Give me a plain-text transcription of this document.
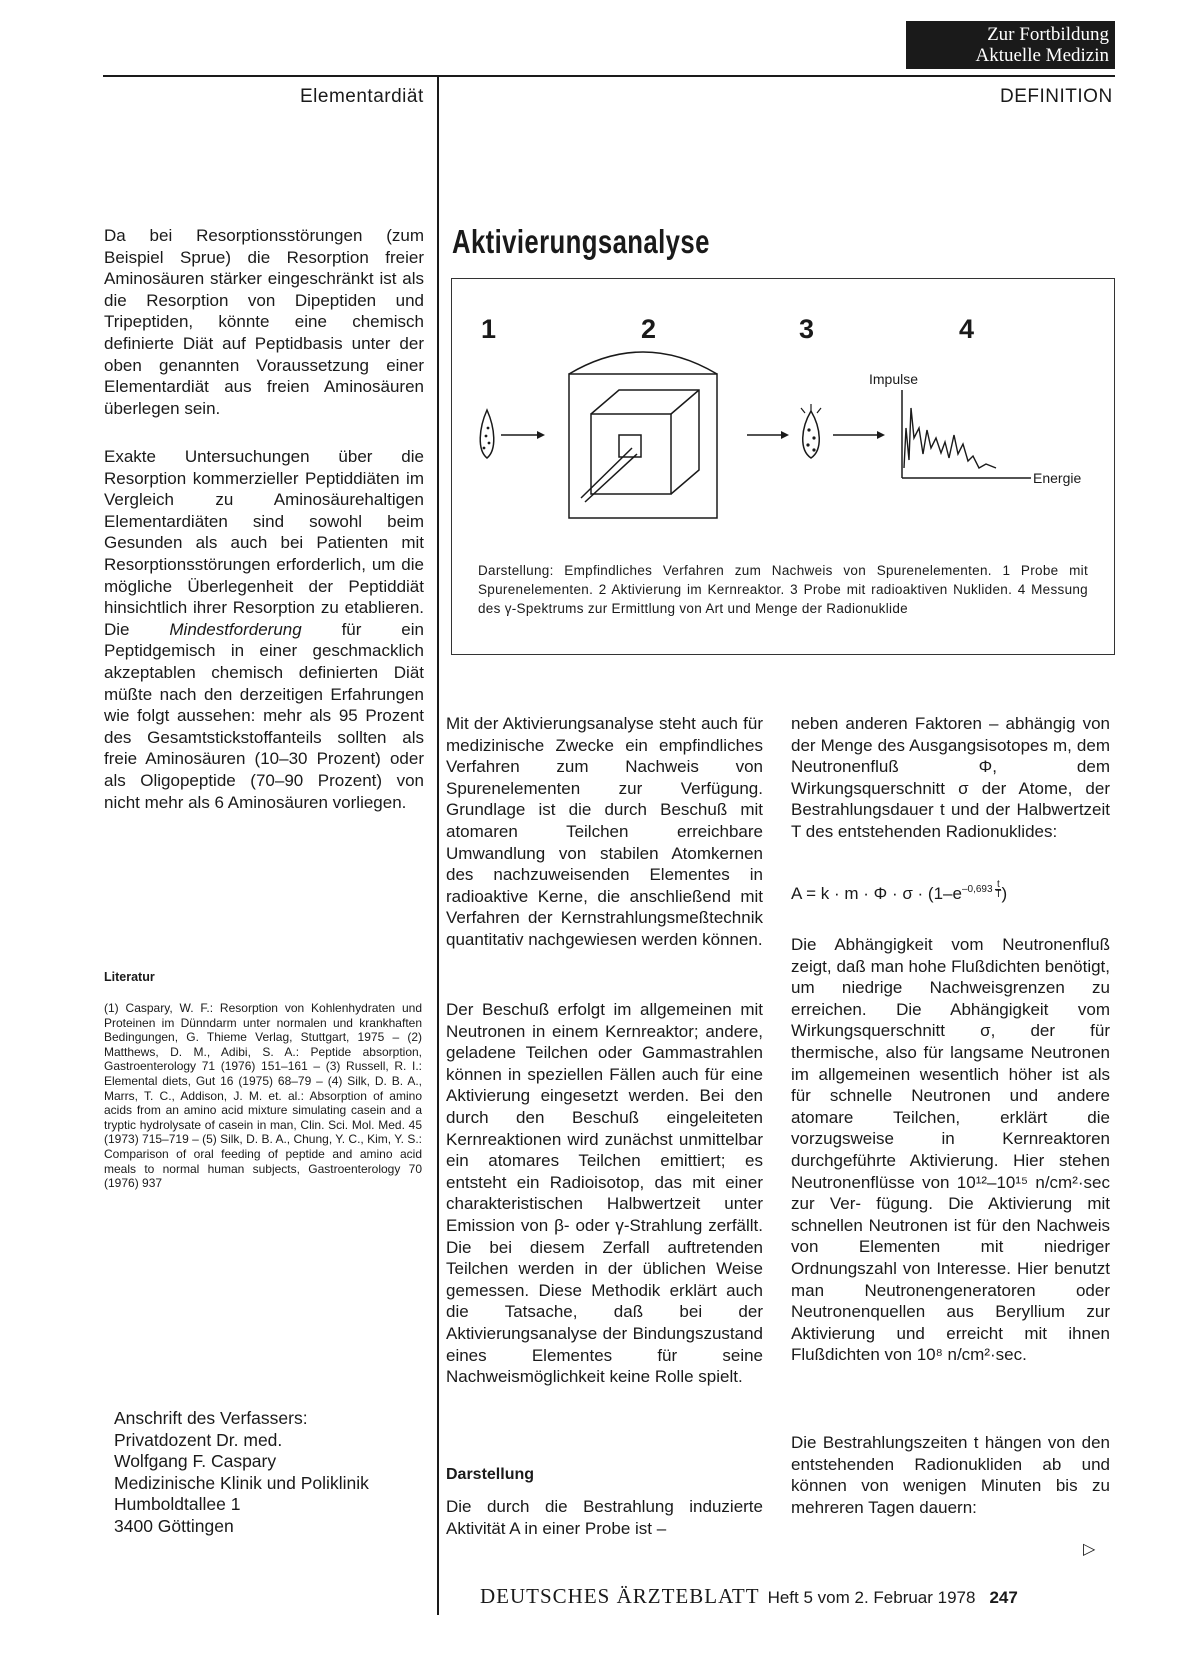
Zur Fortbildung
Aktuelle Medizin
Elementardiät	DEFINITION

Da bei Resorptionsstörungen (zum Beispiel Sprue) die Resorption freier Aminosäuren stärker eingeschränkt ist als die Resorption von Dipeptiden und Tripeptiden, könnte eine chemisch definierte Diät auf Peptidbasis unter der oben genannten Voraussetzung einer Elementardiät aus freien Aminosäuren überlegen sein.

Exakte Untersuchungen über die Resorption kommerzieller Peptiddiäten im Vergleich zu Aminosäurehaltigen Elementardiäten sind sowohl beim Gesunden als auch bei Patienten mit Resorptionsstörungen erforderlich, um die mögliche Überlegenheit der Peptiddiät hinsichtlich ihrer Resorption zu etablieren. Die Mindestforderung für ein Peptidgemisch in einer geschmacklich akzeptablen chemisch definierten Diät müßte nach den derzeitigen Erfahrungen wie folgt aussehen: mehr als 95 Prozent des Gesamtstickstoffanteils sollten als freie Aminosäuren (10–30 Prozent) oder als Oligopeptide (70–90 Prozent) von nicht mehr als 6 Aminosäuren vorliegen.

Literatur
(1) Caspary, W. F.: Resorption von Kohlenhydraten und Proteinen im Dünndarm unter normalen und krankhaften Bedingungen, G. Thieme Verlag, Stuttgart, 1975 – (2) Matthews, D. M., Adibi, S. A.: Peptide absorption, Gastroenterology 71 (1976) 151–161 – (3) Russell, R. I.: Elemental diets, Gut 16 (1975) 68–79 – (4) Silk, D. B. A., Marrs, T. C., Addison, J. M. et. al.: Absorption of amino acids from an amino acid mixture simulating casein and a tryptic hydrolysate of casein in man, Clin. Sci. Mol. Med. 45 (1973) 715–719 – (5) Silk, D. B. A., Chung, Y. C., Kim, Y. S.: Comparison of oral feeding of peptide and amino acid meals to normal human subjects, Gastroenterology 70 (1976) 937
Anschrift des Verfassers:
Privatdozent Dr. med.
Wolfgang F. Caspary
Medizinische Klinik und Poliklinik
Humboldtallee 1
3400 Göttingen
Aktivierungsanalyse
1	2	3	4
Impulse
Energie
Darstellung: Empfindliches Verfahren zum Nachweis von Spurenelementen. 1 Probe mit Spurenelementen. 2 Aktivierung im Kernreaktor. 3 Probe mit radioaktiven Nukliden. 4 Messung des γ-Spektrums zur Ermittlung von Art und Menge der Radionuklide

Mit der Aktivierungsanalyse steht auch für medizinische Zwecke ein empfindliches Verfahren zum Nachweis von Spurenelementen zur Verfügung. Grundlage ist die durch Beschuß mit atomaren Teilchen erreichbare Umwandlung von stabilen Atomkernen des nachzuweisenden Elementes in radioaktive Kerne, die anschließend mit Verfahren der Kernstrahlungsmeßtechnik quantitativ nachgewiesen werden können.

Der Beschuß erfolgt im allgemeinen mit Neutronen in einem Kernreaktor; andere, geladene Teilchen oder Gammastrahlen können in speziellen Fällen auch für eine Aktivierung eingesetzt werden. Bei den durch den Beschuß eingeleiteten Kernreaktionen wird zunächst unmittelbar ein atomares Teilchen emittiert; es entsteht ein Radioisotop, das mit einer charakteristischen Halbwertzeit unter Emission von β- oder γ-Strahlung zerfällt. Die bei diesem Zerfall auftretenden Teilchen werden in der üblichen Weise gemessen. Diese Methodik erklärt auch die Tatsache, daß bei der Aktivierungsanalyse der Bindungszustand eines Elementes für seine Nachweismöglichkeit keine Rolle spielt.

Darstellung

Die durch die Bestrahlung induzierte Aktivität A in einer Probe ist –

neben anderen Faktoren – abhängig von der Menge des Ausgangsisotopes m, dem Neutronenfluß Φ, dem Wirkungsquerschnitt σ der Atome, der Bestrahlungsdauer t und der Halbwertzeit T des entstehenden Radionuklides:

$A = k \cdot m \cdot \Phi \cdot \sigma \cdot (1-e^{-0,693 \frac{t}{T}}$ )

Die Abhängigkeit vom Neutronenfluß zeigt, daß man hohe Flußdichten benötigt, um niedrige Nachweisgrenzen zu erreichen. Die Abhängigkeit vom Wirkungsquerschnitt σ, der für thermische, also für langsame Neutronen im allgemeinen wesentlich höher ist als für schnelle Neutronen und andere atomare Teilchen, erklärt die vorzugsweise in Kernreaktoren durchgeführte Aktivierung. Hier stehen Neutronenflüsse von 10¹²–10¹⁵ n/cm²·sec zur Ver- fügung. Die Aktivierung mit schnellen Neutronen ist für den Nachweis von Elementen mit niedriger Ordnungszahl von Interesse. Hier benutzt man Neutronengeneratoren oder Neutronenquellen aus Beryllium zur Aktivierung und erreicht mit ihnen Flußdichten von 10⁸ n/cm²·sec.

Die Bestrahlungszeiten t hängen von den entstehenden Radionukliden ab und können von wenigen Minuten bis zu mehreren Tagen dauern:

▷
DEUTSCHES ÄRZTEBLATT Heft 5 vom 2. Februar 1978 247
